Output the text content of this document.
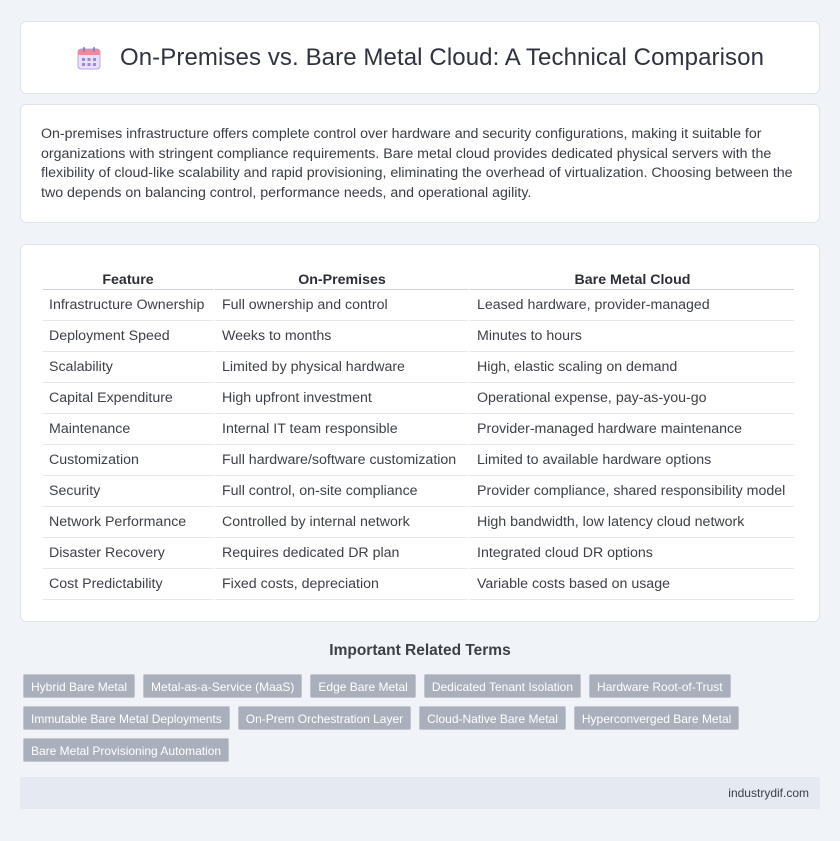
On-Premises vs. Bare Metal Cloud: A Technical Comparison

On-premises infrastructure offers complete control over hardware and security configurations, making it suitable for organizations with stringent compliance requirements. Bare metal cloud provides dedicated physical servers with the flexibility of cloud-like scalability and rapid provisioning, eliminating the overhead of virtualization. Choosing between the two depends on balancing control, performance needs, and operational agility.

Feature	On-Premises	Bare Metal Cloud
Infrastructure Ownership	Full ownership and control	Leased hardware, provider-managed
Deployment Speed	Weeks to months	Minutes to hours
Scalability	Limited by physical hardware	High, elastic scaling on demand
Capital Expenditure	High upfront investment	Operational expense, pay-as-you-go
Maintenance	Internal IT team responsible	Provider-managed hardware maintenance
Customization	Full hardware/software customization	Limited to available hardware options
Security	Full control, on-site compliance	Provider compliance, shared responsibility model
Network Performance	Controlled by internal network	High bandwidth, low latency cloud network
Disaster Recovery	Requires dedicated DR plan	Integrated cloud DR options
Cost Predictability	Fixed costs, depreciation	Variable costs based on usage
Important Related Terms
Hybrid Bare Metal	Metal-as-a-Service (MaaS)	Edge Bare Metal	Dedicated Tenant Isolation	Hardware Root-of-Trust
Immutable Bare Metal Deployments	On-Prem Orchestration Layer	Cloud-Native Bare Metal	Hyperconverged Bare Metal
Bare Metal Provisioning Automation
industrydif.com
